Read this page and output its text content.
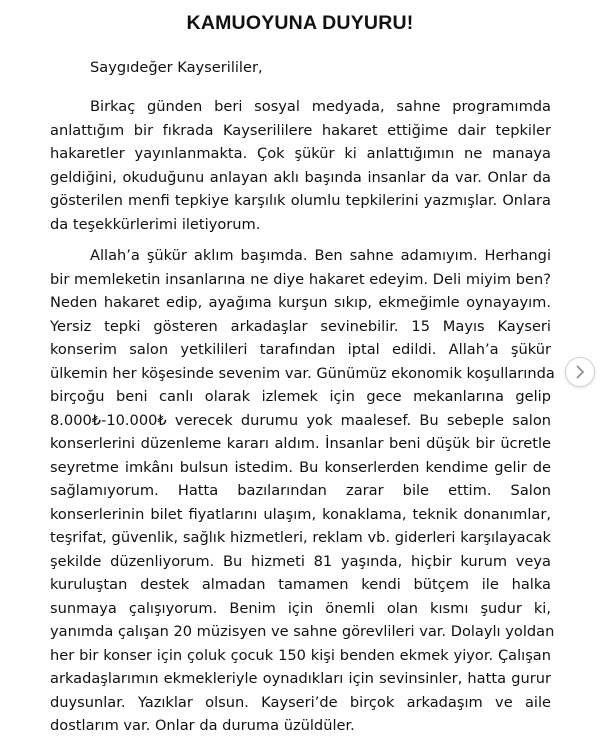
KAMUOYUNA DUYURU!
Saygıdeğer Kayserililer,
Birkaç günden beri sosyal medyada, sahne programımda
anlattığım bir fıkrada Kayserililere hakaret ettiğime dair tepkiler
hakaretler yayınlanmakta. Çok şükür ki anlattığımın ne manaya
geldiğini, okuduğunu anlayan aklı başında insanlar da var. Onlar da
gösterilen menfi tepkiye karşılık olumlu tepkilerini yazmışlar. Onlara
da teşekkürlerimi iletiyorum.
Allah’a şükür aklım başımda. Ben sahne adamıyım. Herhangi
bir memleketin insanlarına ne diye hakaret edeyim. Deli miyim ben?
Neden hakaret edip, ayağıma kurşun sıkıp, ekmeğimle oynayayım.
Yersiz tepki gösteren arkadaşlar sevinebilir. 15 Mayıs Kayseri
konserim salon yetkilileri tarafından iptal edildi. Allah’a şükür
ülkemin her köşesinde sevenim var. Günümüz ekonomik koşullarında
birçoğu beni canlı olarak izlemek için gece mekanlarına gelip
8.000₺-10.000₺ verecek durumu yok maalesef. Bu sebeple salon
konserlerini düzenleme kararı aldım. İnsanlar beni düşük bir ücretle
seyretme imkânı bulsun istedim. Bu konserlerden kendime gelir de
sağlamıyorum. Hatta bazılarından zarar bile ettim. Salon
konserlerinin bilet fiyatlarını ulaşım, konaklama, teknik donanımlar,
teşrifat, güvenlik, sağlık hizmetleri, reklam vb. giderleri karşılayacak
şekilde düzenliyorum. Bu hizmeti 81 yaşında, hiçbir kurum veya
kuruluştan destek almadan tamamen kendi bütçem ile halka
sunmaya çalışıyorum. Benim için önemli olan kısmı şudur ki,
yanımda çalışan 20 müzisyen ve sahne görevlileri var. Dolaylı yoldan
her bir konser için çoluk çocuk 150 kişi benden ekmek yiyor. Çalışan
arkadaşlarımın ekmekleriyle oynadıkları için sevinsinler, hatta gurur
duysunlar. Yazıklar olsun. Kayseri’de birçok arkadaşım ve aile
dostlarım var. Onlar da duruma üzüldüler.
